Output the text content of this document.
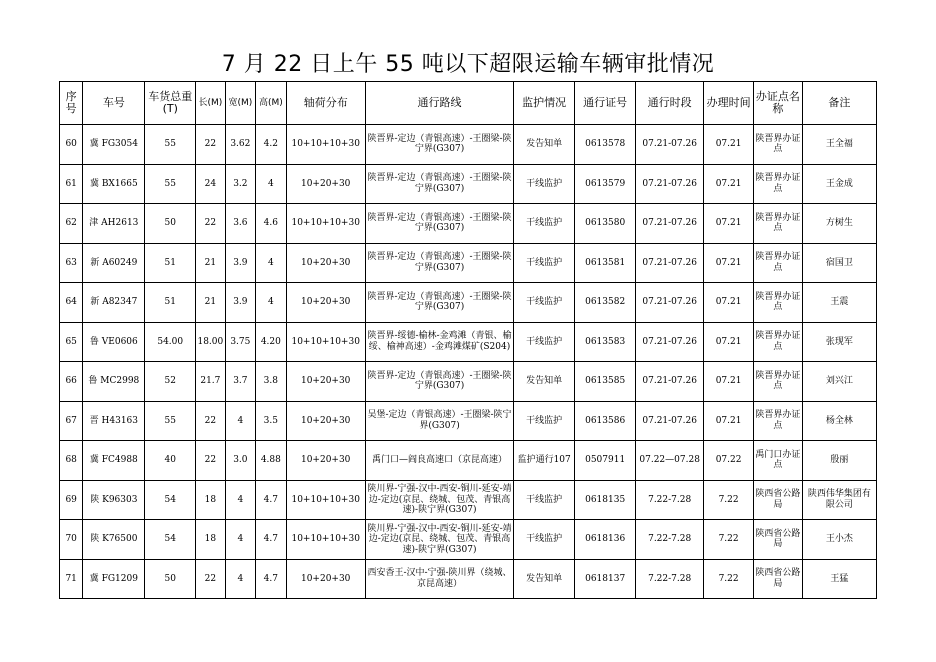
7 月 22 日上午 55 吨以下超限运输车辆审批情况
序号	车号	车货总重(T)	长(M)	宽(M)	高(M)	轴荷分布	通行路线	监护情况	通行证号	通行时段	办理时间	办证点名称	备注
60	冀 FG3054	55	22	3.62	4.2	10+10+10+30	陕晋界-定边（青银高速）-王圈梁-陕宁界(G307)	发告知单	0613578	07.21-07.26	07.21	陕晋界办证点	王全福
61	冀 BX1665	55	24	3.2	4	10+20+30	陕晋界-定边（青银高速）-王圈梁-陕宁界(G307)	干线监护	0613579	07.21-07.26	07.21	陕晋界办证点	王金成
62	津 AH2613	50	22	3.6	4.6	10+10+10+30	陕晋界-定边（青银高速）-王圈梁-陕宁界(G307)	干线监护	0613580	07.21-07.26	07.21	陕晋界办证点	方树生
63	新 A60249	51	21	3.9	4	10+20+30	陕晋界-定边（青银高速）-王圈梁-陕宁界(G307)	干线监护	0613581	07.21-07.26	07.21	陕晋界办证点	宿国卫
64	新 A82347	51	21	3.9	4	10+20+30	陕晋界-定边（青银高速）-王圈梁-陕宁界(G307)	干线监护	0613582	07.21-07.26	07.21	陕晋界办证点	王震
65	鲁 VE0606	54.00	18.00	3.75	4.20	10+10+10+30	陕晋界-绥德-榆林-金鸡滩（青银、榆绥、榆神高速）-金鸡滩煤矿(S204)	干线监护	0613583	07.21-07.26	07.21	陕晋界办证点	张现军
66	鲁 MC2998	52	21.7	3.7	3.8	10+20+30	陕晋界-定边（青银高速）-王圈梁-陕宁界(G307)	发告知单	0613585	07.21-07.26	07.21	陕晋界办证点	刘兴江
67	晋 H43163	55	22	4	3.5	10+20+30	吴堡-定边（青银高速）-王圈梁-陕宁界(G307)	干线监护	0613586	07.21-07.26	07.21	陕晋界办证点	杨全林
68	冀 FC4988	40	22	3.0	4.88	10+20+30	禹门口—阎良高速口（京昆高速）	监护通行107	0507911	07.22—07.28	07.22	禹门口办证点	殷丽
69	陕 K96303	54	18	4	4.7	10+10+10+30	陕川界-宁强-汉中-西安-铜川-延安-靖边-定边(京昆、绕城、包茂、青银高速)-陕宁界(G307)	干线监护	0618135	7.22-7.28	7.22	陕西省公路局	陕西伟华集团有限公司
70	陕 K76500	54	18	4	4.7	10+10+10+30	陕川界-宁强-汉中-西安-铜川-延安-靖边-定边(京昆、绕城、包茂、青银高速)-陕宁界(G307)	干线监护	0618136	7.22-7.28	7.22	陕西省公路局	王小杰
71	冀 FG1209	50	22	4	4.7	10+20+30	西安香王-汉中-宁强-陕川界（绕城、京昆高速）	发告知单	0618137	7.22-7.28	7.22	陕西省公路局	王猛
